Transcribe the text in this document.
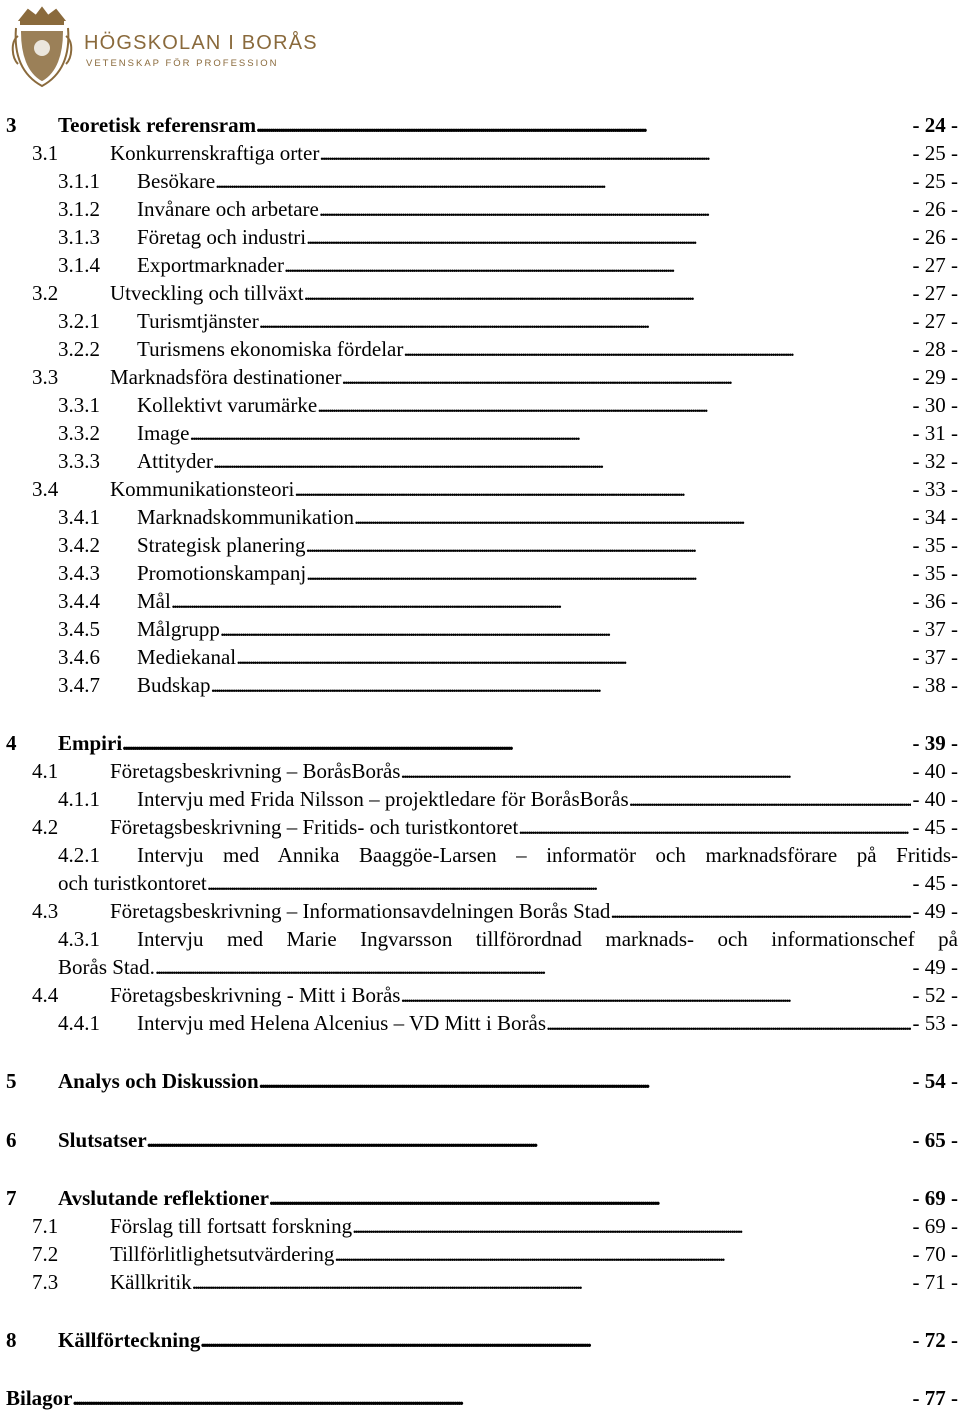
HÖGSKOLAN I BORÅS
VETENSKAP FÖR PROFESSION
3 Teoretisk referensram . . .	- 24 -
3.1 Konkurrenskraftiga orter . . .	- 25 -
3.1.1 Besökare . . .	- 25 -
3.1.2 Invånare och arbetare . . .	- 26 -
3.1.3 Företag och industri . . .	- 26 -
3.1.4 Exportmarknader . . .	- 27 -
3.2 Utveckling och tillväxt . . .	- 27 -
3.2.1 Turismtjänster . . .	- 27 -
3.2.2 Turismens ekonomiska fördelar . . .	- 28 -
3.3 Marknadsföra destinationer . . .	- 29 -
3.3.1 Kollektivt varumärke . . .	- 30 -
3.3.2 Image . . .	- 31 -
3.3.3 Attityder . . .	- 32 -
3.4 Kommunikationsteori . . .	- 33 -
3.4.1 Marknadskommunikation . . .	- 34 -
3.4.2 Strategisk planering . . .	- 35 -
3.4.3 Promotionskampanj . . .	- 35 -
3.4.4 Mål . . .	- 36 -
3.4.5 Målgrupp . . .	- 37 -
3.4.6 Mediekanal . . .	- 37 -
3.4.7 Budskap . . .	- 38 -
4 Empiri . . .	- 39 -
4.1 Företagsbeskrivning – BoråsBorås . . .	- 40 -
4.1.1 Intervju med Frida Nilsson – projektledare för BoråsBorås . . .	- 40 -
4.2 Företagsbeskrivning – Fritids- och turistkontoret . . .	- 45 -
4.2.1 Intervju med Annika Baaggöe-Larsen – informatör och marknadsförare på Fritids-
och turistkontoret . . .	- 45 -
4.3 Företagsbeskrivning – Informationsavdelningen Borås Stad . . .	- 49 -
4.3.1 Intervju med Marie Ingvarsson tillförordnad marknads- och informationschef på
Borås Stad. . . .	- 49 -
4.4 Företagsbeskrivning - Mitt i Borås . . .	- 52 -
4.4.1 Intervju med Helena Alcenius – VD Mitt i Borås . . .	- 53 -
5 Analys och Diskussion . . .	- 54 -
6 Slutsatser . . .	- 65 -
7 Avslutande reflektioner . . .	- 69 -
7.1 Förslag till fortsatt forskning . . .	- 69 -
7.2 Tillförlitlighetsutvärdering . . .	- 70 -
7.3 Källkritik . . .	- 71 -
8 Källförteckning . . .	- 72 -
Bilagor . . .	- 77 -
